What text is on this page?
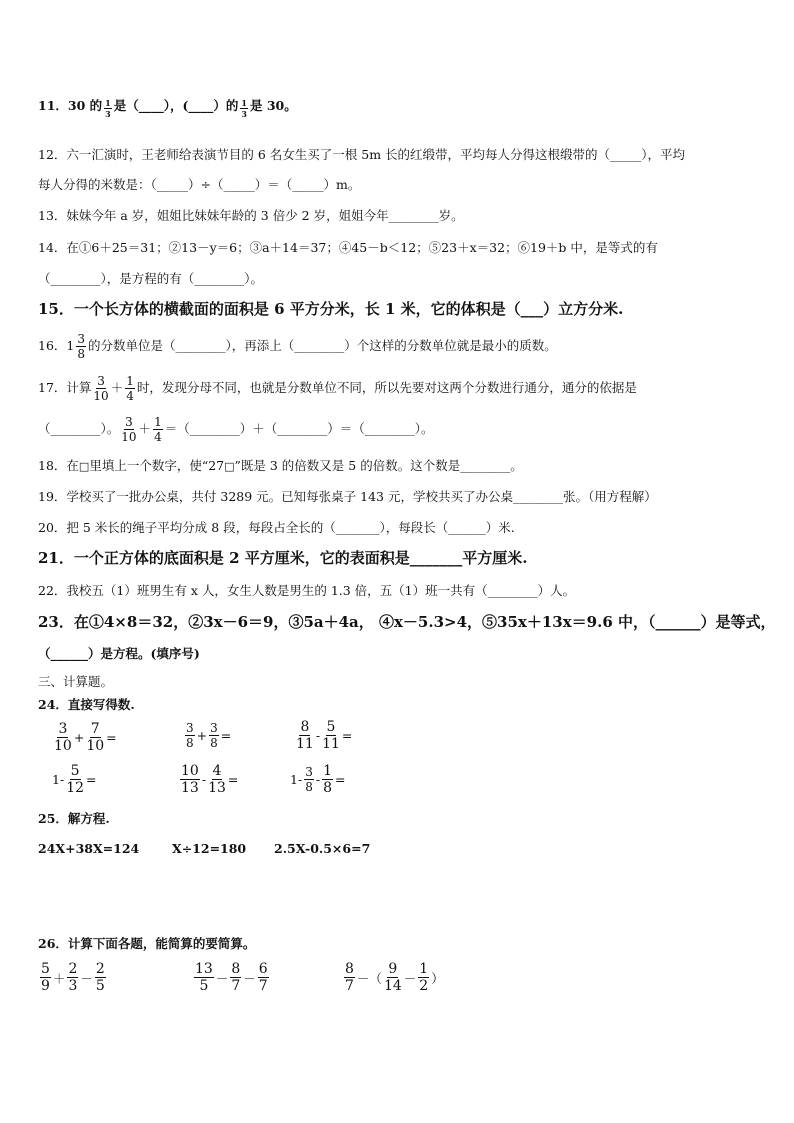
11．30 的 $\frac{1}{3}$ 是（____），(____）的 $\frac{1}{3}$ 是 30。
12．六一汇演时，王老师给表演节目的 6 名女生买了一根 5m 长的红缎带，平均每人分得这根缎带的（_____），平均
每人分得的米数是：（_____）÷（_____）＝（_____）m。
13．妹妹今年 a 岁，姐姐比妹妹年龄的 3 倍少 2 岁，姐姐今年________岁。
14．在①6＋25＝31；②13－y＝6；③a＋14＝37；④45－b＜12；⑤23＋x＝32；⑥19＋b 中，是等式的有
（________），是方程的有（________）。
15．一个长方体的横截面的面积是 6 平方分米，长 1 米，它的体积是（___）立方分米.
16．$1 \frac{3}{8}$ 的分数单位是（________），再添上（________）个这样的分数单位就是最小的质数。
17．计算 $\frac{3}{10} + \frac{1}{4}$ 时，发现分母不同，也就是分数单位不同，所以先要对这两个分数进行通分，通分的依据是
（________）。 $\frac{3}{10} + \frac{1}{4}$ ＝（________）＋（________）＝（________）。
18．在□里填上一个数字，使“27□”既是 3 的倍数又是 5 的倍数。这个数是________。
19．学校买了一批办公桌，共付 3289 元。已知每张桌子 143 元，学校共买了办公桌________张。（用方程解）
20．把 5 米长的绳子平均分成 8 段，每段占全长的（_______），每段长（______）米.
21．一个正方体的底面积是 2 平方厘米，它的表面积是_______平方厘米.
22．我校五（1）班男生有 x 人，女生人数是男生的 1.3 倍，五（1）班一共有（________）人。
23．在①4×8＝32，②3x－6＝9，③5a＋4a， ④x－5.3>4，⑤35x＋13x＝9.6 中，（______）是等式，
（______）是方程。(填序号)
三、计算题。
24．直接写得数.
$\frac{3}{10} + \frac{7}{10}$ =	$\frac{3}{8} + \frac{3}{8}$ =	$\frac{8}{11} - \frac{5}{11}$ =
$1- \frac{5}{12}$ =	$\frac{10}{13} - \frac{4}{13}$ =	$1- \frac{3}{8} - \frac{1}{8}$ =
25．解方程.
24X+38X=124	X÷12=180 2.5X-0.5×6=7
26．计算下面各题，能简算的要简算。
$\frac{5}{9} + \frac{2}{3} - \frac{2}{5}$	$\frac{13}{5} - \frac{8}{7} - \frac{6}{7}$	$\frac{8}{7}$ －（ $\frac{9}{14} - \frac{1}{2}$ ）
